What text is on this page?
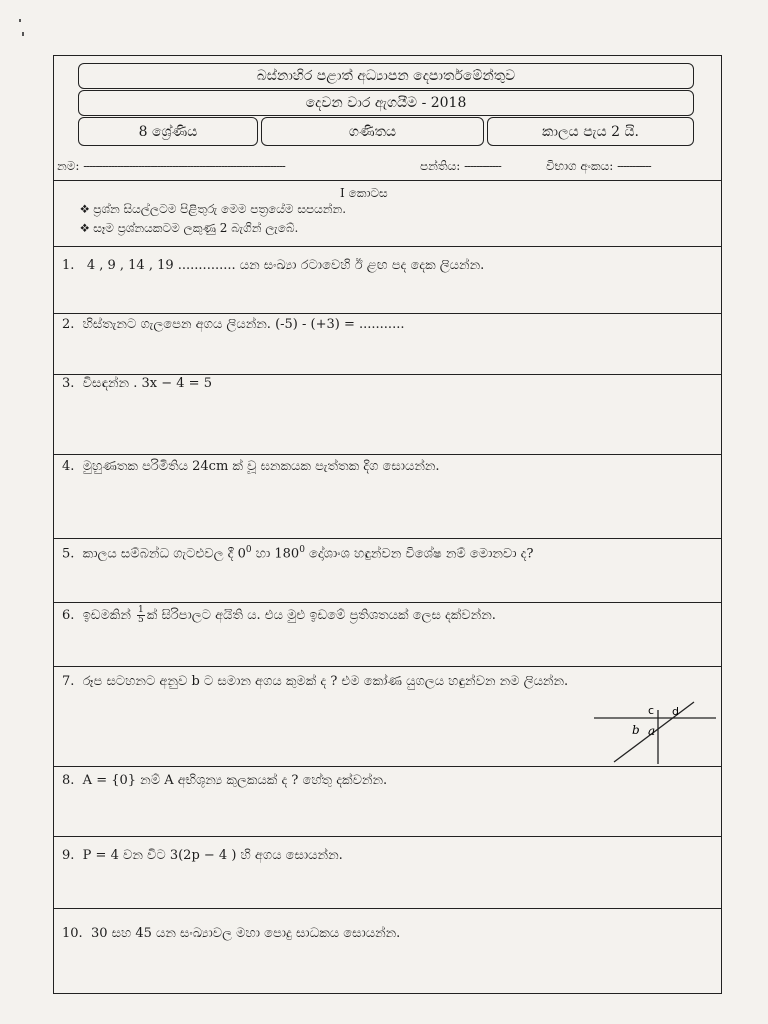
බස්නාහිර පළාත් අධ්‍යාපන දෙපාර්තමේන්තුව
දෙවන වාර ඇගයීම - 2018
8 ශ්‍රේණිය	ගණිතය	කාලය පැය 2 යි.
නම: ------------------------------------------------------------------	පන්තිය: ------------	විභාග අංකය: -----------
I කොටස
❖ ප්‍රශ්න සියල්ලටම පිළිතුරු මෙම පත්‍රයේම සපයන්න.
❖ සෑම ප්‍රශ්නයකටම ලකුණු 2 බැගින් ලැබේ.
1. 4 , 9 , 14 , 19 .............. යන සංඛ්‍යා රටාවෙහි ඊ ළඟ පද දෙක ලියන්න.
2. හිස්තැනට ගැලපෙන අගය ලියන්න. (-5) - (+3) = ...........
3. විසඳන්න . 3x − 4 = 5
4. මුහුණතක පරිමිතිය 24cm ක් වූ ඝනකයක පැත්තක දිග සොයන්න.
5. කාලය සම්බන්ධ ගැටළුවල දී $0^0$ හා $180^0$ දෝශාංශ හඳුන්වන විශේෂ නම් මොනවා ද?
6. ඉඩමකින් $\frac{1}{5}$ ක් සිරිපාලට අයිති ය. එය මුළු ඉඩමේ ප්‍රතිශතයක් ලෙස දක්වන්න.
7. රූප සටහනට අනුව b ට සමාන අගය කුමක් ද ? එම කෝණ යුගලය හඳුන්වන නම ලියන්න.
c d
b a
8. A = {0} නම් A අභිශූන්‍ය කුලකයක් ද ? හේතු දක්වන්න.
9. P = 4 වන විට 3(2p − 4 ) හි අගය සොයන්න.
10. 30 සහ 45 යන සංඛ්‍යාවල මහා පොදු සාධකය සොයන්න.
